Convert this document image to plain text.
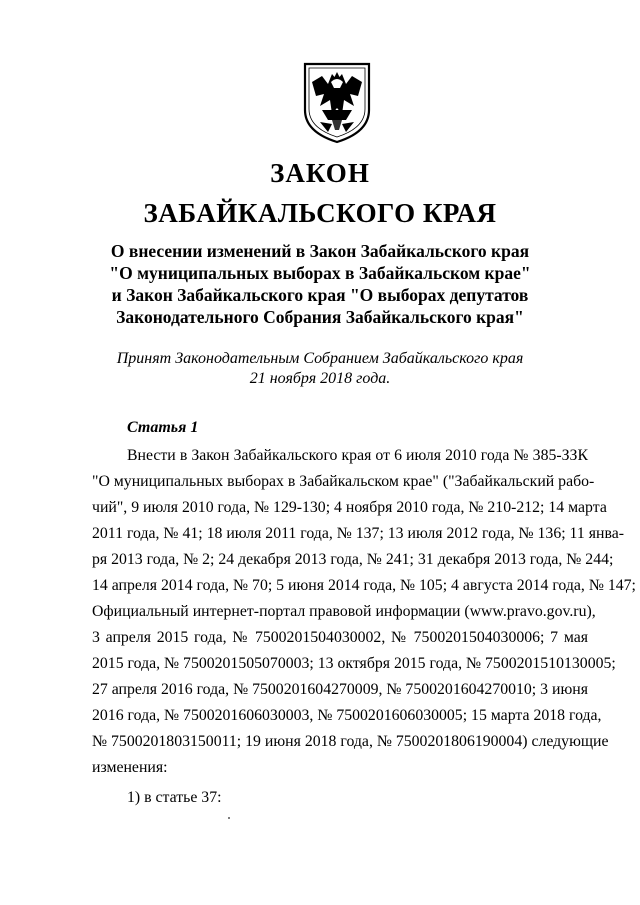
ЗАКОН
ЗАБАЙКАЛЬСКОГО КРАЯ
О внесении изменений в Закон Забайкальского края
"О муниципальных выборах в Забайкальском крае"
и Закон Забайкальского края "О выборах депутатов
Законодательного Собрания Забайкальского края"
Принят Законодательным Собранием Забайкальского края
21 ноября 2018 года.
Статья 1
Внести в Закон Забайкальского края от 6 июля 2010 года № 385-ЗЗК
"О муниципальных выборах в Забайкальском крае" ("Забайкальский рабо-
чий", 9 июля 2010 года, № 129-130; 4 ноября 2010 года, № 210-212; 14 марта
2011 года, № 41; 18 июля 2011 года, № 137; 13 июля 2012 года, № 136; 11 янва-
ря 2013 года, № 2; 24 декабря 2013 года, № 241; 31 декабря 2013 года, № 244;
14 апреля 2014 года, № 70; 5 июня 2014 года, № 105; 4 августа 2014 года, № 147;
Официальный интернет-портал правовой информации (www.pravo.gov.ru),
3 апреля 2015 года, № 7500201504030002, № 7500201504030006; 7 мая
2015 года, № 7500201505070003; 13 октября 2015 года, № 7500201510130005;
27 апреля 2016 года, № 7500201604270009, № 7500201604270010; 3 июня
2016 года, № 7500201606030003, № 7500201606030005; 15 марта 2018 года,
№ 7500201803150011; 19 июня 2018 года, № 7500201806190004) следующие
изменения:
1) в статье 37:
